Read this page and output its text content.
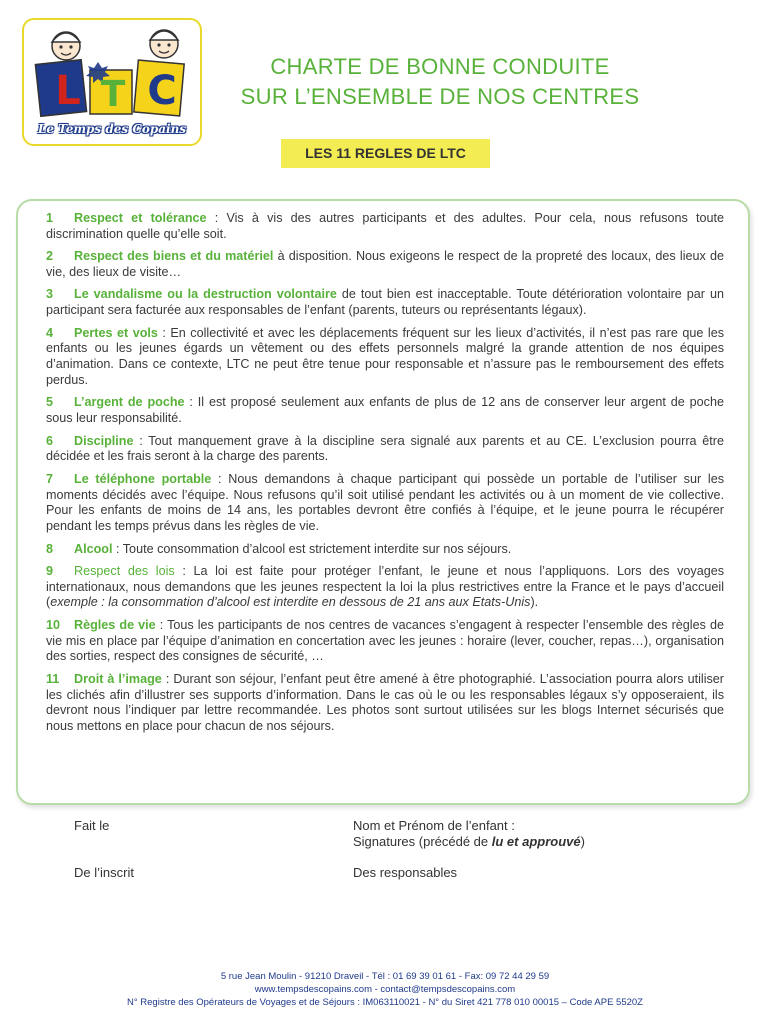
L T C
Le Temps des Copains
CHARTE DE BONNE CONDUITE
SUR L’ENSEMBLE DE NOS CENTRES
LES 11 REGLES DE LTC
1 Respect et tolérance : Vis à vis des autres participants et des adultes. Pour cela, nous refusons toute discrimination quelle qu’elle soit.
2 Respect des biens et du matériel à disposition. Nous exigeons le respect de la propreté des locaux, des lieux de vie, des lieux de visite…
3 Le vandalisme ou la destruction volontaire de tout bien est inacceptable. Toute détérioration volontaire par un participant sera facturée aux responsables de l’enfant (parents, tuteurs ou représentants légaux).
4 Pertes et vols : En collectivité et avec les déplacements fréquent sur les lieux d’activités, il n’est pas rare que les enfants ou les jeunes égards un vêtement ou des effets personnels malgré la grande attention de nos équipes d’animation. Dans ce contexte, LTC ne peut être tenue pour responsable et n’assure pas le remboursement des effets perdus.
5 L’argent de poche : Il est proposé seulement aux enfants de plus de 12 ans de conserver leur argent de poche sous leur responsabilité.
6 Discipline : Tout manquement grave à la discipline sera signalé aux parents et au CE. L’exclusion pourra être décidée et les frais seront à la charge des parents.
7 Le téléphone portable : Nous demandons à chaque participant qui possède un portable de l’utiliser sur les moments décidés avec l’équipe. Nous refusons qu’il soit utilisé pendant les activités ou à un moment de vie collective. Pour les enfants de moins de 14 ans, les portables devront être confiés à l’équipe, et le jeune pourra le récupérer pendant les temps prévus dans les règles de vie.
8 Alcool : Toute consommation d’alcool est strictement interdite sur nos séjours.
9 Respect des lois : La loi est faite pour protéger l’enfant, le jeune et nous l’appliquons. Lors des voyages internationaux, nous demandons que les jeunes respectent la loi la plus restrictives entre la France et le pays d’accueil (exemple : la consommation d’alcool est interdite en dessous de 21 ans aux Etats-Unis).
10 Règles de vie : Tous les participants de nos centres de vacances s’engagent à respecter l’ensemble des règles de vie mis en place par l’équipe d’animation en concertation avec les jeunes : horaire (lever, coucher, repas…), organisation des sorties, respect des consignes de sécurité, …
11 Droit à l’image : Durant son séjour, l’enfant peut être amené à être photographié. L’association pourra alors utiliser les clichés afin d’illustrer ses supports d’information. Dans le cas où le ou les responsables légaux s’y opposeraient, ils devront nous l’indiquer par lettre recommandée. Les photos sont surtout utilisées sur les blogs Internet sécurisés que nous mettons en place pour chacun de nos séjours.
Fait le	Nom et Prénom de l’enfant :
Signatures (précédé de lu et approuvé)
De l’inscrit	Des responsables
5 rue Jean Moulin - 91210 Draveil - Tél : 01 69 39 01 61 - Fax: 09 72 44 29 59
www.tempsdescopains.com - contact@tempsdescopains.com
N° Registre des Opérateurs de Voyages et de Séjours : IM063110021 - N° du Siret 421 778 010 00015 – Code APE 5520Z
